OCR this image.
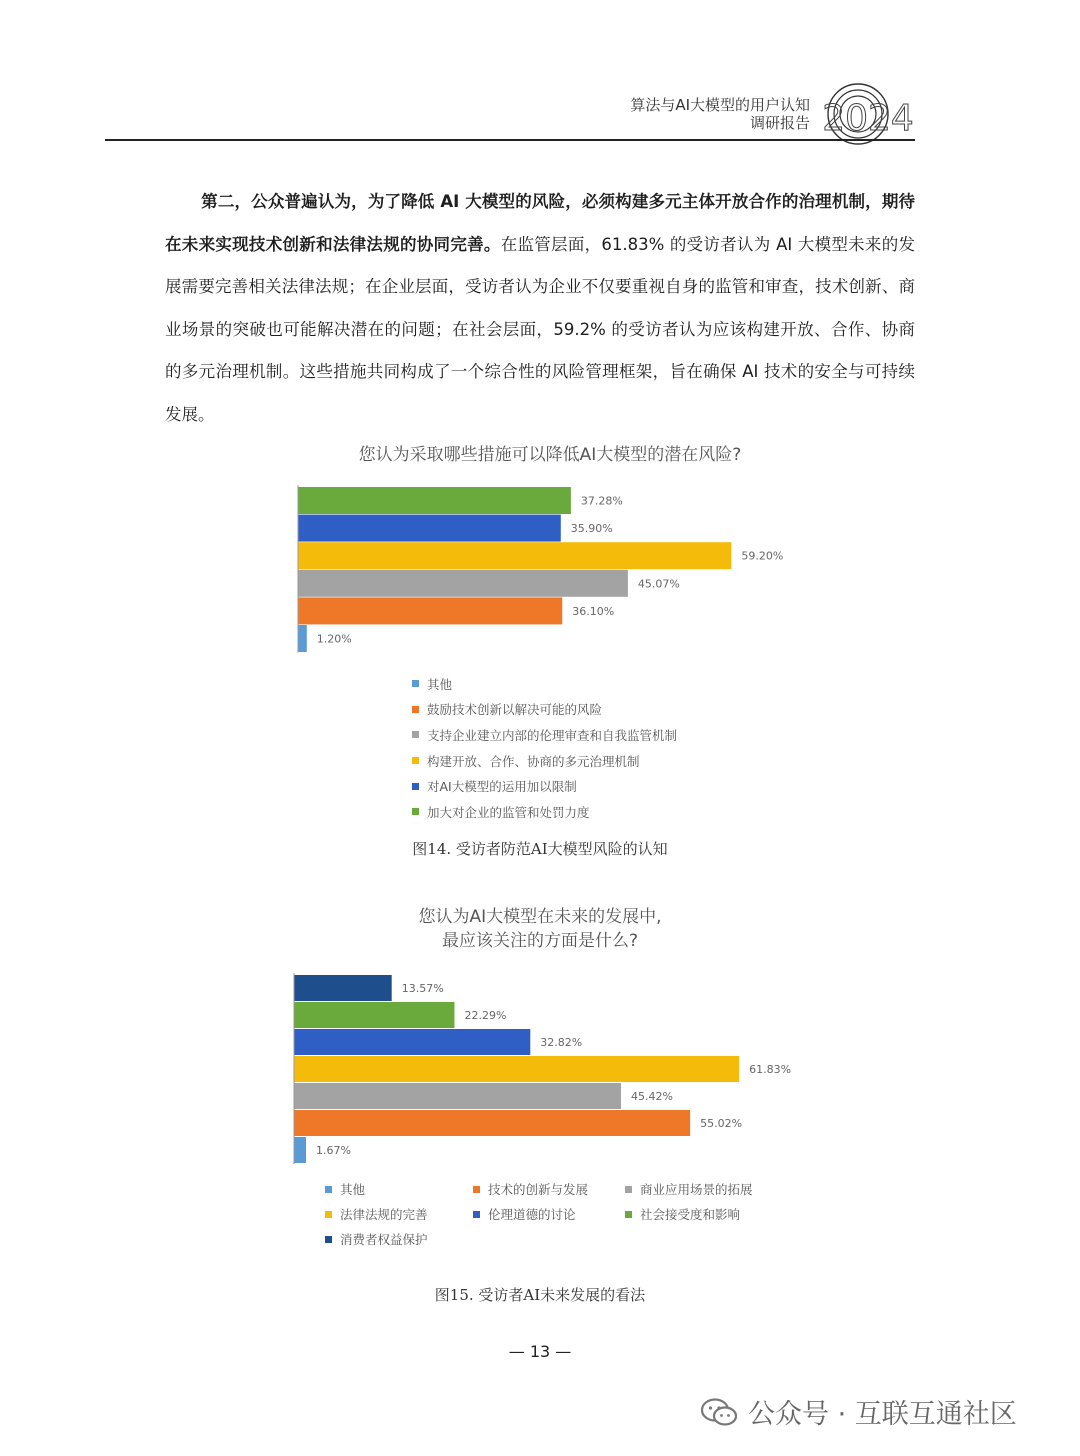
算法与AI大模型的用户认知
调研报告 2024
第二，公众普遍认为，为了降低 AI 大模型的风险，必须构建多元主体开放合作的治理机制，期待在未来实现技术创新和法律法规的协同完善。在监管层面，61.83% 的受访者认为 AI 大模型未来的发展需要完善相关法律法规；在企业层面，受访者认为企业不仅要重视自身的监管和审查，技术创新、商业场景的突破也可能解决潜在的问题；在社会层面，59.2% 的受访者认为应该构建开放、合作、协商的多元治理机制。这些措施共同构成了一个综合性的风险管理框架，旨在确保 AI 技术的安全与可持续发展。
您认为采取哪些措施可以降低AI大模型的潜在风险?
37.28%
35.90%
59.20%
45.07%
36.10%
1.20%
其他
鼓励技术创新以解决可能的风险
支持企业建立内部的伦理审查和自我监管机制
构建开放、合作、协商的多元治理机制
对AI大模型的运用加以限制
加大对企业的监管和处罚力度
图14. 受访者防范AI大模型风险的认知
您认为AI大模型在未来的发展中,
最应该关注的方面是什么?
13.57%
22.29%
32.82%
61.83%
45.42%
55.02%
1.67%
其他	技术的创新与发展	商业应用场景的拓展
法律法规的完善	伦理道德的讨论	社会接受度和影响
消费者权益保护
图15. 受访者AI未来发展的看法
— 13 —
公众号 · 互联互通社区
